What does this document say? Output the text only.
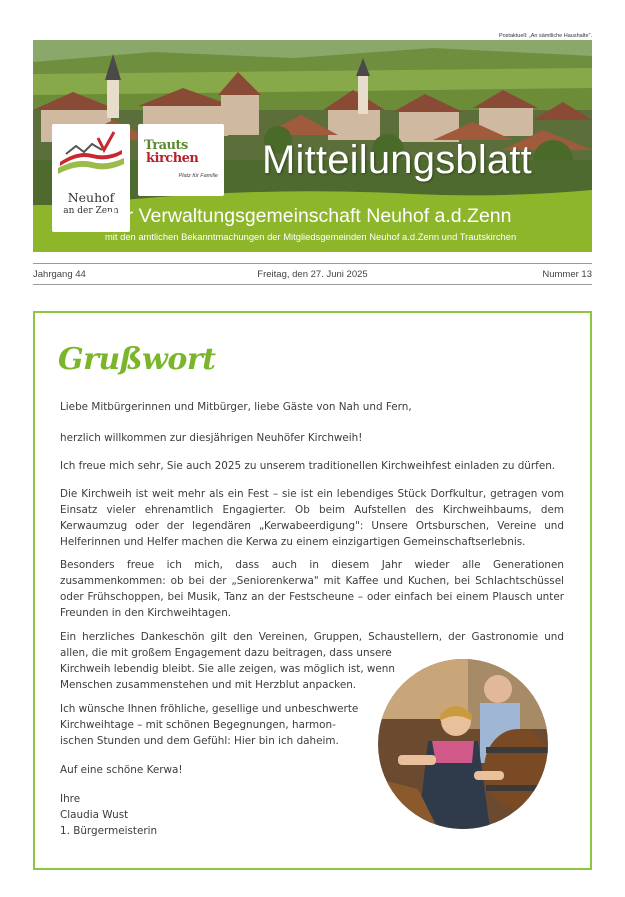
Postaktuell: „An sämtliche Haushalte".
Neuhof
an der Zenn
Trauts
kirchen
Platz für Familie Mitteilungsblatt
der Verwaltungsgemeinschaft Neuhof a.d.Zenn
mit den amtlichen Bekanntmachungen der Mitgliedsgemeinden Neuhof a.d.Zenn und Trautskirchen
Jahrgang 44	Freitag, den 27. Juni 2025	Nummer 13
Grußwort
Liebe Mitbürgerinnen und Mitbürger, liebe Gäste von Nah und Fern,
herzlich willkommen zur diesjährigen Neuhöfer Kirchweih!
Ich freue mich sehr, Sie auch 2025 zu unserem traditionellen Kirchweihfest einladen zu dürfen.
Die Kirchweih ist weit mehr als ein Fest – sie ist ein lebendiges Stück Dorfkultur, getragen vom Einsatz vieler ehrenamtlich Engagierter. Ob beim Aufstellen des Kirchweihbaums, dem Kerwaumzug oder der legendären „Kerwabeerdigung": Unsere Ortsburschen, Vereine und Helferinnen und Helfer machen die Kerwa zu einem einzigartigen Gemeinschaftserlebnis.
Besonders freue ich mich, dass auch in diesem Jahr wieder alle Generationen zusammenkommen: ob bei der „Seniorenkerwa" mit Kaffee und Kuchen, bei Schlachtschüssel oder Frühschoppen, bei Musik, Tanz an der Festscheune – oder einfach bei einem Plausch unter Freunden in den Kirchweihtagen.
Ein herzliches Dankeschön gilt den Vereinen, Gruppen, Schaustellern, der Gastronomie und
allen, die mit großem Engagement dazu beitragen, dass unsere
Kirchweih lebendig bleibt. Sie alle zeigen, was möglich ist, wenn
Menschen zusammenstehen und mit Herzblut anpacken.
Ich wünsche Ihnen fröhliche, gesellige und unbeschwerte
Kirchweihtage – mit schönen Begegnungen, harmon-
ischen Stunden und dem Gefühl: Hier bin ich daheim.
Auf eine schöne Kerwa!
Ihre
Claudia Wust
1. Bürgermeisterin
